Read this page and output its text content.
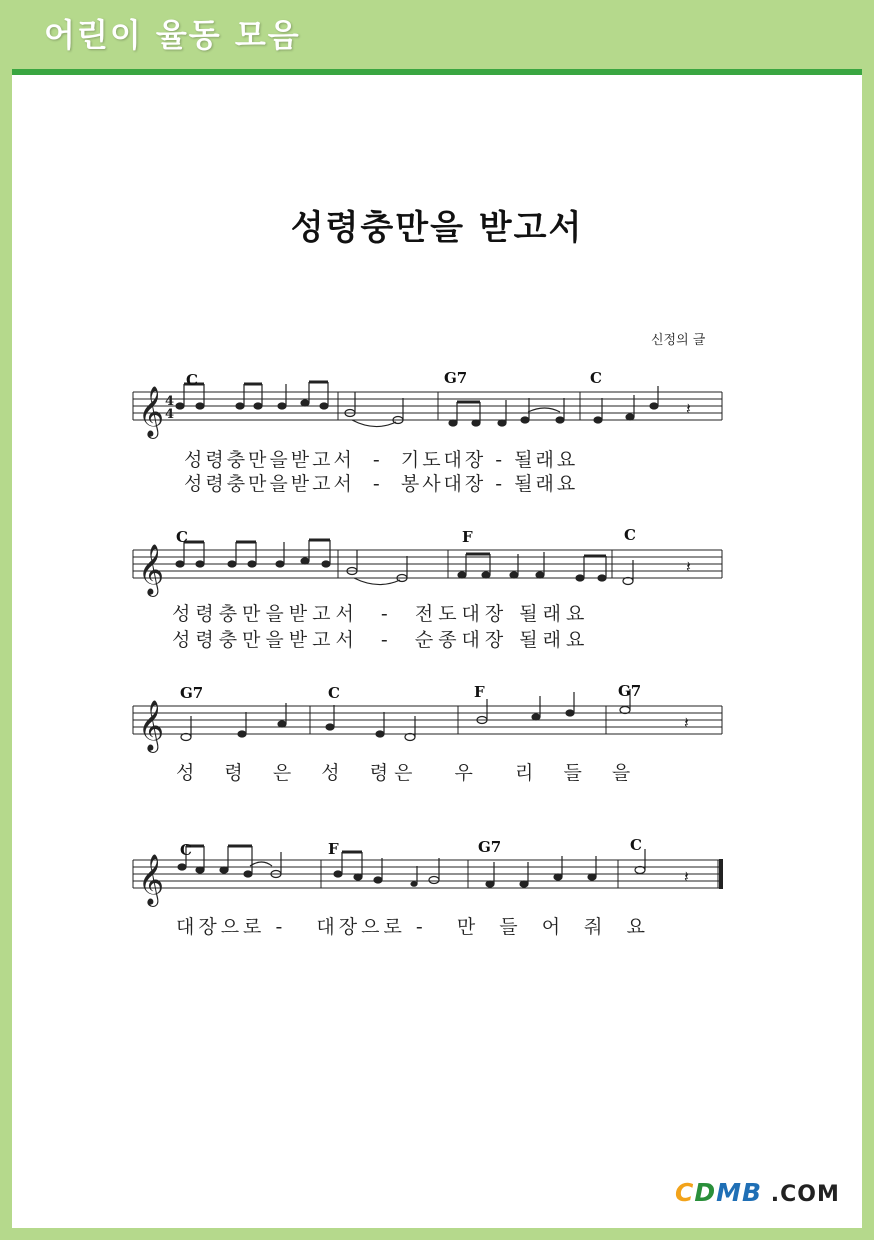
어린이 율동 모음
성령충만을 받고서
신정의 글
𝄞
𝄞
𝄞
𝄞
4
4	𝄽
𝄽
𝄽
𝄽
C	G7	C
C	F	C
G7	C	F	G7
C	F	G7	C
성령충만을받고서  -  기도대장 - 될래요
성령충만을받고서  -  봉사대장 - 될래요
성령충만을받고서  -  전도대장 될래요
성령충만을받고서  -  순종대장 될래요
성  령  은  성  령은   우   리  들  을
대장으로 -   대장으로 -   만  들  어  줘  요
CDMB .COM
